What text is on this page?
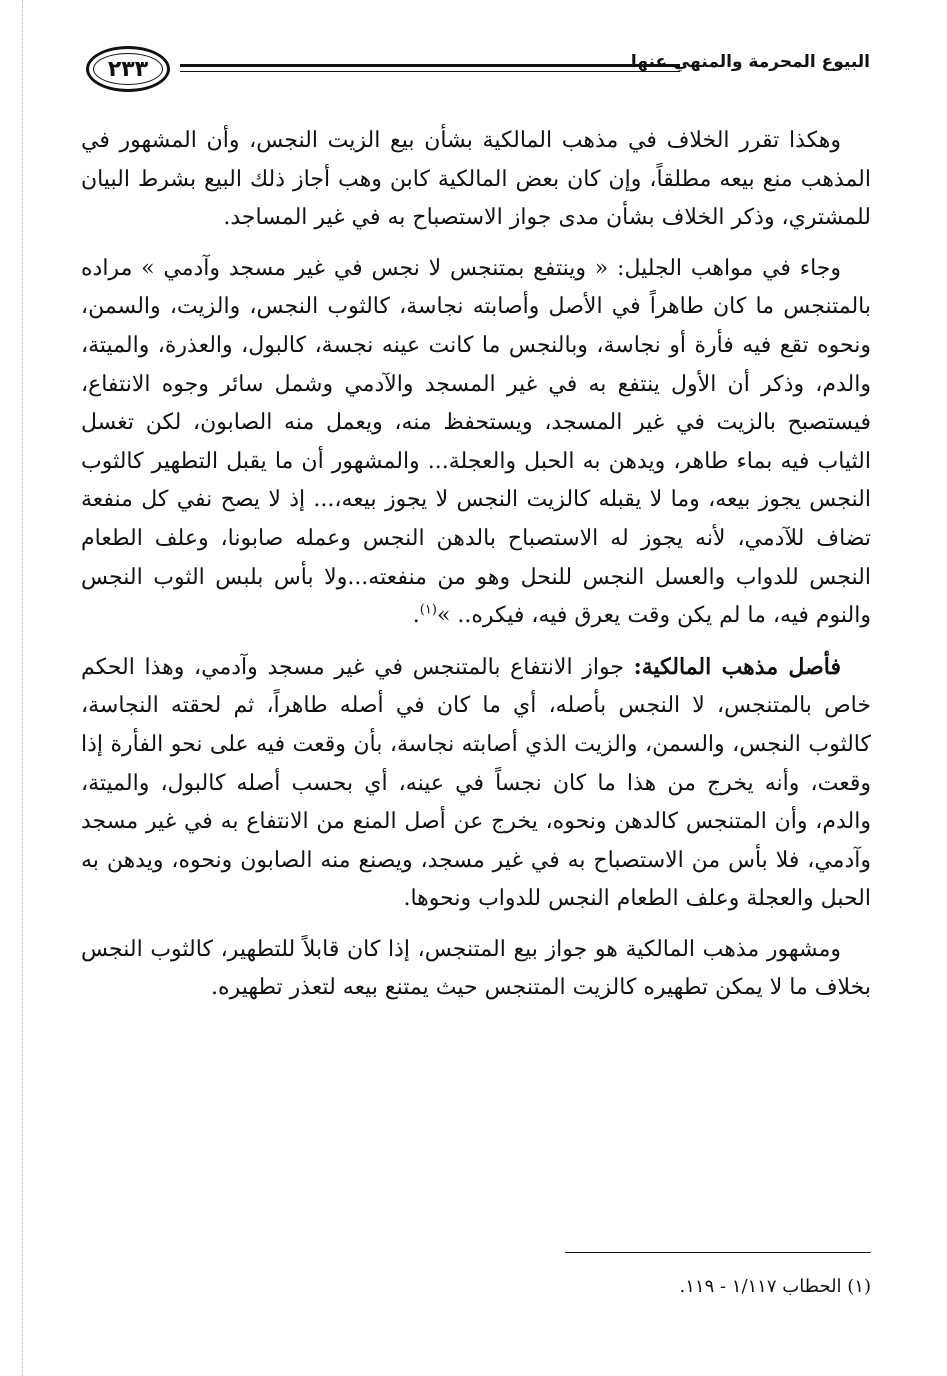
البيوع المحرمة والمنهي عنها
٢٣٣

وهكذا تقرر الخلاف في مذهب المالكية بشأن بيع الزيت النجس، وأن المشهور في المذهب منع بيعه مطلقاً، وإن كان بعض المالكية كابن وهب أجاز ذلك البيع بشرط البيان للمشتري، وذكر الخلاف بشأن مدى جواز الاستصباح به في غير المساجد.

وجاء في مواهب الجليل: « وينتفع بمتنجس لا نجس في غير مسجد وآدمي » مراده بالمتنجس ما كان طاهراً في الأصل وأصابته نجاسة، كالثوب النجس، والزيت، والسمن، ونحوه تقع فيه فأرة أو نجاسة، وبالنجس ما كانت عينه نجسة، كالبول، والعذرة، والميتة، والدم، وذكر أن الأول ينتفع به في غير المسجد والآدمي وشمل سائر وجوه الانتفاع، فيستصبح بالزيت في غير المسجد، ويستحفظ منه، ويعمل منه الصابون، لكن تغسل الثياب فيه بماء طاهر، ويدهن به الحبل والعجلة... والمشهور أن ما يقبل التطهير كالثوب النجس يجوز بيعه، وما لا يقبله كالزيت النجس لا يجوز بيعه،... إذ لا يصح نفي كل منفعة تضاف للآدمي، لأنه يجوز له الاستصباح بالدهن النجس وعمله صابونا، وعلف الطعام النجس للدواب والعسل النجس للنحل وهو من منفعته...ولا بأس بلبس الثوب النجس والنوم فيه، ما لم يكن وقت يعرق فيه، فيكره.. »$^{(١)}$.

فأصل مذهب المالكية: جواز الانتفاع بالمتنجس في غير مسجد وآدمي، وهذا الحكم خاص بالمتنجس، لا النجس بأصله، أي ما كان في أصله طاهراً، ثم لحقته النجاسة، كالثوب النجس، والسمن، والزيت الذي أصابته نجاسة، بأن وقعت فيه على نحو الفأرة إذا وقعت، وأنه يخرج من هذا ما كان نجساً في عينه، أي بحسب أصله كالبول، والميتة، والدم، وأن المتنجس كالدهن ونحوه، يخرج عن أصل المنع من الانتفاع به في غير مسجد وآدمي، فلا بأس من الاستصباح به في غير مسجد، ويصنع منه الصابون ونحوه، ويدهن به الحبل والعجلة وعلف الطعام النجس للدواب ونحوها.

ومشهور مذهب المالكية هو جواز بيع المتنجس، إذا كان قابلاً للتطهير، كالثوب النجس بخلاف ما لا يمكن تطهيره كالزيت المتنجس حيث يمتنع بيعه لتعذر تطهيره.

(١) الحطاب ١/١١٧ - ١١٩.
